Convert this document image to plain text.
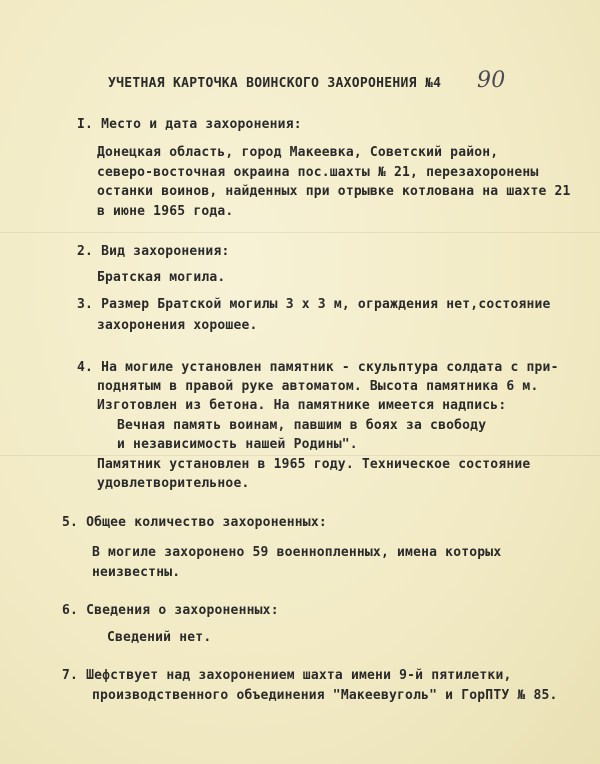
УЧЕТНАЯ КАРТОЧКА ВОИНСКОГО ЗАХОРОНЕНИЯ №4 90
I. Место и дата захоронения:
Донецкая область, город Макеевка, Советский район,
северо-восточная окраина пос.шахты № 21, перезахоронены
останки воинов, найденных при отрывке котлована на шахте 21
в июне 1965 года.
2. Вид захоронения:
Братская могила.
3. Размер Братской могилы 3 х 3 м, ограждения нет,состояние
захоронения хорошее.
4. На могиле установлен памятник - скульптура солдата с при-
поднятым в правой руке автоматом. Высота памятника 6 м.
Изготовлен из бетона. На памятнике имеется надпись:
Вечная память воинам, павшим в боях за свободу
и независимость нашей Родины".
Памятник установлен в 1965 году. Техническое состояние
удовлетворительное.
5. Общее количество захороненных:
В могиле захоронено 59 военнопленных, имена которых
неизвестны.
6. Сведения о захороненных:
Сведений нет.
7. Шефствует над захоронением шахта имени 9-й пятилетки,
производственного объединения "Макеевуголь" и ГорПТУ № 85.
